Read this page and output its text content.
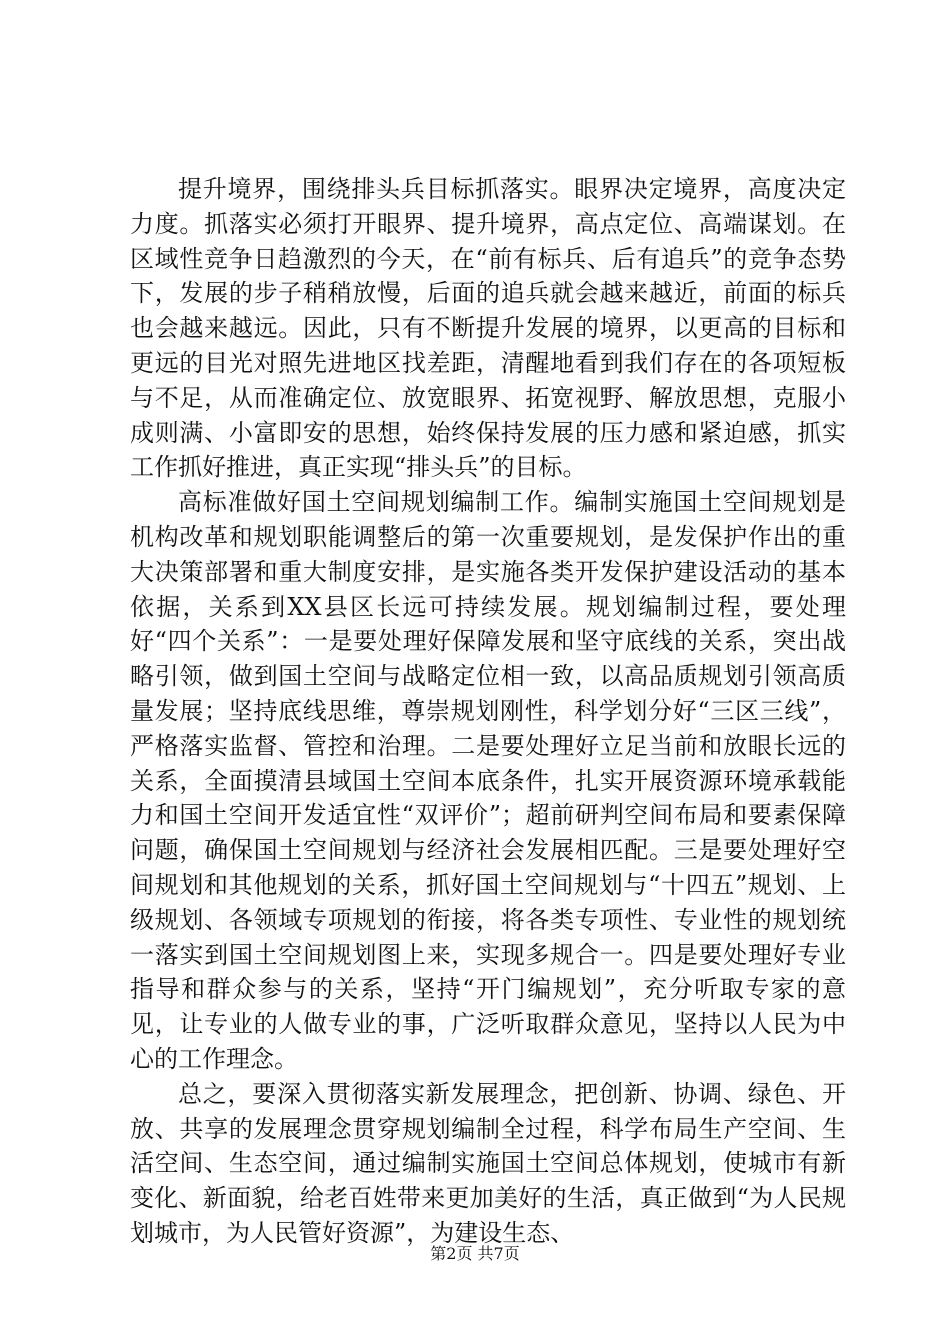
提升境界，围绕排头兵目标抓落实。眼界决定境界，高度决定力度。抓落实必须打开眼界、提升境界，高点定位、高端谋划。在区域性竞争日趋激烈的今天，在“前有标兵、后有追兵”的竞争态势下，发展的步子稍稍放慢，后面的追兵就会越来越近，前面的标兵也会越来越远。因此，只有不断提升发展的境界，以更高的目标和更远的目光对照先进地区找差距，清醒地看到我们存在的各项短板与不足，从而准确定位、放宽眼界、拓宽视野、解放思想，克服小成则满、小富即安的思想，始终保持发展的压力感和紧迫感，抓实工作抓好推进，真正实现“排头兵”的目标。

高标准做好国土空间规划编制工作。编制实施国土空间规划是机构改革和规划职能调整后的第一次重要规划，是发保护作出的重大决策部署和重大制度安排，是实施各类开发保护建设活动的基本依据，关系到XX县区长远可持续发展。规划编制过程，要处理好“四个关系”：一是要处理好保障发展和坚守底线的关系，突出战略引领，做到国土空间与战略定位相一致，以高品质规划引领高质量发展；坚持底线思维，尊崇规划刚性，科学划分好“三区三线”，严格落实监督、管控和治理。二是要处理好立足当前和放眼长远的关系，全面摸清县域国土空间本底条件，扎实开展资源环境承载能力和国土空间开发适宜性“双评价”；超前研判空间布局和要素保障问题，确保国土空间规划与经济社会发展相匹配。三是要处理好空间规划和其他规划的关系，抓好国土空间规划与“十四五”规划、上级规划、各领域专项规划的衔接，将各类专项性、专业性的规划统一落实到国土空间规划图上来，实现多规合一。四是要处理好专业指导和群众参与的关系，坚持“开门编规划”，充分听取专家的意见，让专业的人做专业的事，广泛听取群众意见，坚持以人民为中心的工作理念。

总之，要深入贯彻落实新发展理念，把创新、协调、绿色、开放、共享的发展理念贯穿规划编制全过程，科学布局生产空间、生活空间、生态空间，通过编制实施国土空间总体规划，使城市有新变化、新面貌，给老百姓带来更加美好的生活，真正做到“为人民规划城市，为人民管好资源”，为建设生态、

第2页 共7页
